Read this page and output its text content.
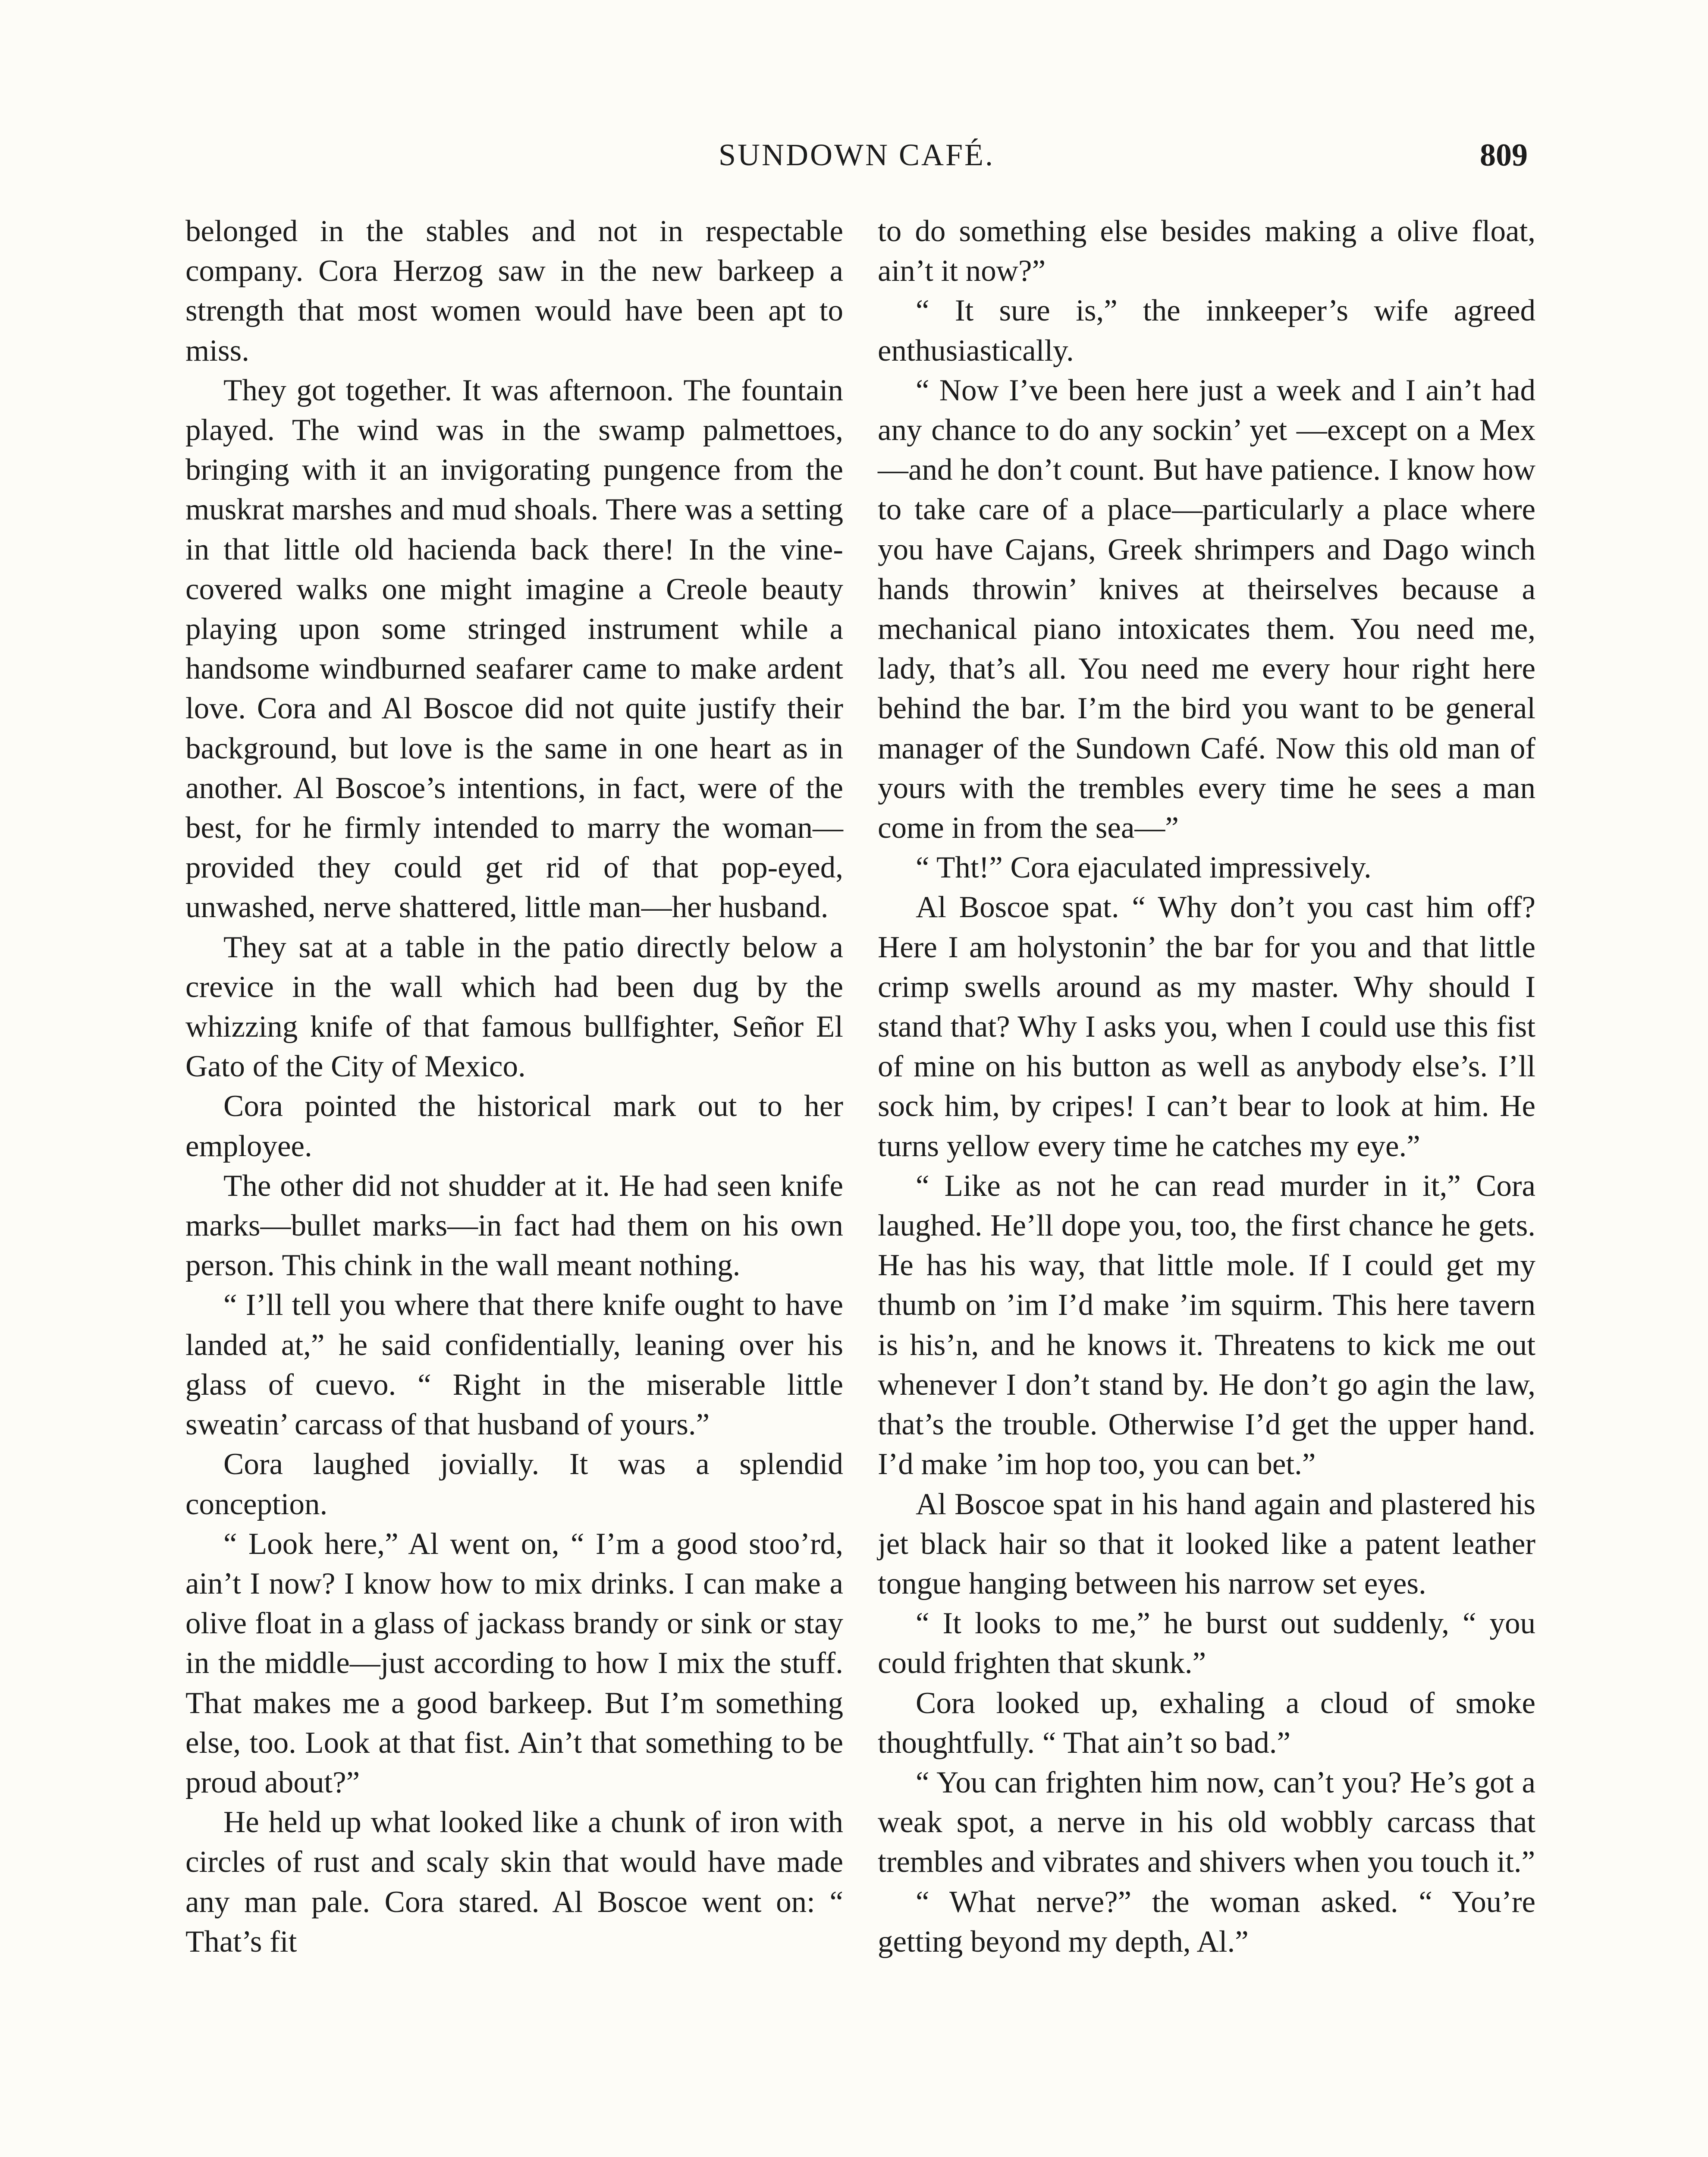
SUNDOWN CAFÉ.	809

belonged in the stables and not in respectable company. Cora Herzog saw in the new barkeep a strength that most women would have been apt to miss.

They got together. It was afternoon. The fountain played. The wind was in the swamp palmettoes, bringing with it an invigorating pungence from the muskrat marshes and mud shoals. There was a setting in that little old hacienda back there! In the vine-covered walks one might imagine a Creole beauty playing upon some stringed instrument while a handsome windburned seafarer came to make ardent love. Cora and Al Boscoe did not quite justify their background, but love is the same in one heart as in another. Al Boscoe’s intentions, in fact, were of the best, for he firmly intended to marry the woman—provided they could get rid of that pop-eyed, unwashed, nerve shattered, little man—her husband.

They sat at a table in the patio directly below a crevice in the wall which had been dug by the whizzing knife of that famous bullfighter, Señor El Gato of the City of Mexico.

Cora pointed the historical mark out to her employee.

The other did not shudder at it. He had seen knife marks—bullet marks—in fact had them on his own person. This chink in the wall meant nothing.

“ I’ll tell you where that there knife ought to have landed at,” he said confidentially, leaning over his glass of cuevo. “ Right in the miserable little sweatin’ carcass of that husband of yours.”

Cora laughed jovially. It was a splendid conception.

“ Look here,” Al went on, “ I’m a good stoo’rd, ain’t I now? I know how to mix drinks. I can make a olive float in a glass of jackass brandy or sink or stay in the middle—just according to how I mix the stuff. That makes me a good barkeep. But I’m something else, too. Look at that fist. Ain’t that something to be proud about?”

He held up what looked like a chunk of iron with circles of rust and scaly skin that would have made any man pale. Cora stared. Al Boscoe went on: “ That’s fit

to do something else besides making a olive float, ain’t it now?”

“ It sure is,” the innkeeper’s wife agreed enthusiastically.

“ Now I’ve been here just a week and I ain’t had any chance to do any sockin’ yet —except on a Mex—and he don’t count. But have patience. I know how to take care of a place—particularly a place where you have Cajans, Greek shrimpers and Dago winch hands throwin’ knives at theirselves because a mechanical piano intoxicates them. You need me, lady, that’s all. You need me every hour right here behind the bar. I’m the bird you want to be general manager of the Sundown Café. Now this old man of yours with the trembles every time he sees a man come in from the sea—”

“ Tht!” Cora ejaculated impressively.

Al Boscoe spat. “ Why don’t you cast him off? Here I am holystonin’ the bar for you and that little crimp swells around as my master. Why should I stand that? Why I asks you, when I could use this fist of mine on his button as well as anybody else’s. I’ll sock him, by cripes! I can’t bear to look at him. He turns yellow every time he catches my eye.”

“ Like as not he can read murder in it,” Cora laughed. He’ll dope you, too, the first chance he gets. He has his way, that little mole. If I could get my thumb on ’im I’d make ’im squirm. This here tavern is his’n, and he knows it. Threatens to kick me out whenever I don’t stand by. He don’t go agin the law, that’s the trouble. Otherwise I’d get the upper hand. I’d make ’im hop too, you can bet.”

Al Boscoe spat in his hand again and plastered his jet black hair so that it looked like a patent leather tongue hanging between his narrow set eyes.

“ It looks to me,” he burst out suddenly, “ you could frighten that skunk.”

Cora looked up, exhaling a cloud of smoke thoughtfully. “ That ain’t so bad.”

“ You can frighten him now, can’t you? He’s got a weak spot, a nerve in his old wobbly carcass that trembles and vibrates and shivers when you touch it.”

“ What nerve?” the woman asked. “ You’re getting beyond my depth, Al.”
